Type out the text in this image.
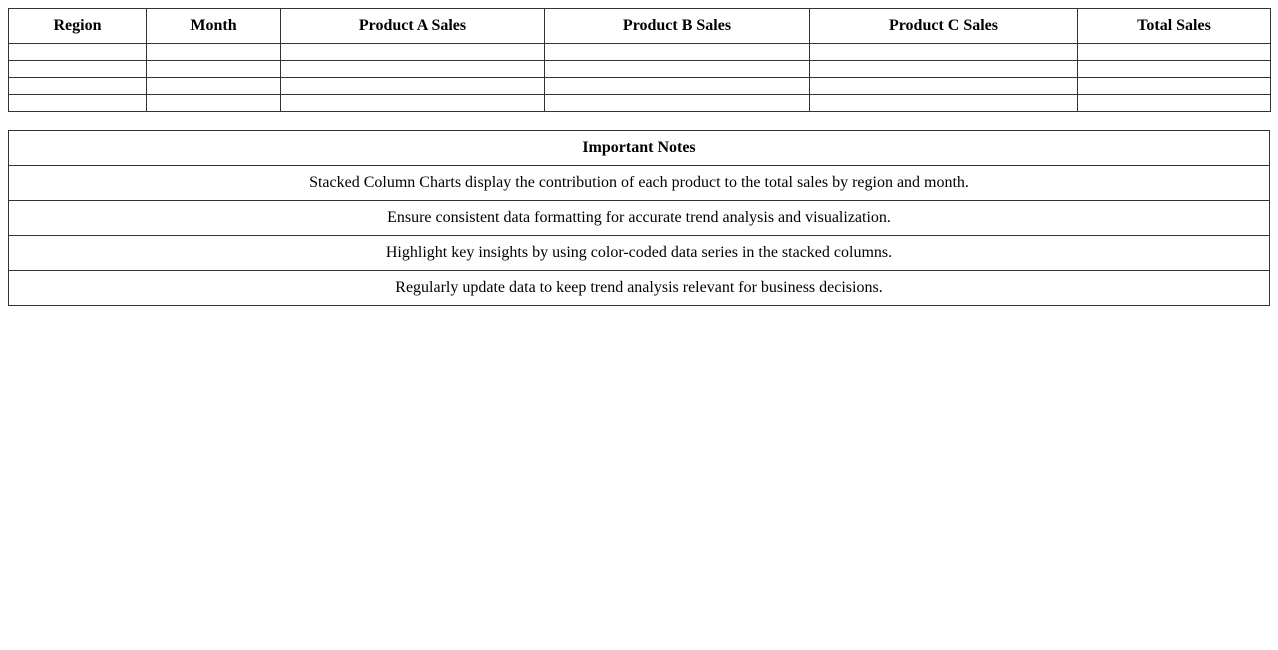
Region	Month	Product A Sales	Product B Sales	Product C Sales	Total Sales

Important Notes
Stacked Column Charts display the contribution of each product to the total sales by region and month.
Ensure consistent data formatting for accurate trend analysis and visualization.
Highlight key insights by using color-coded data series in the stacked columns.
Regularly update data to keep trend analysis relevant for business decisions.
